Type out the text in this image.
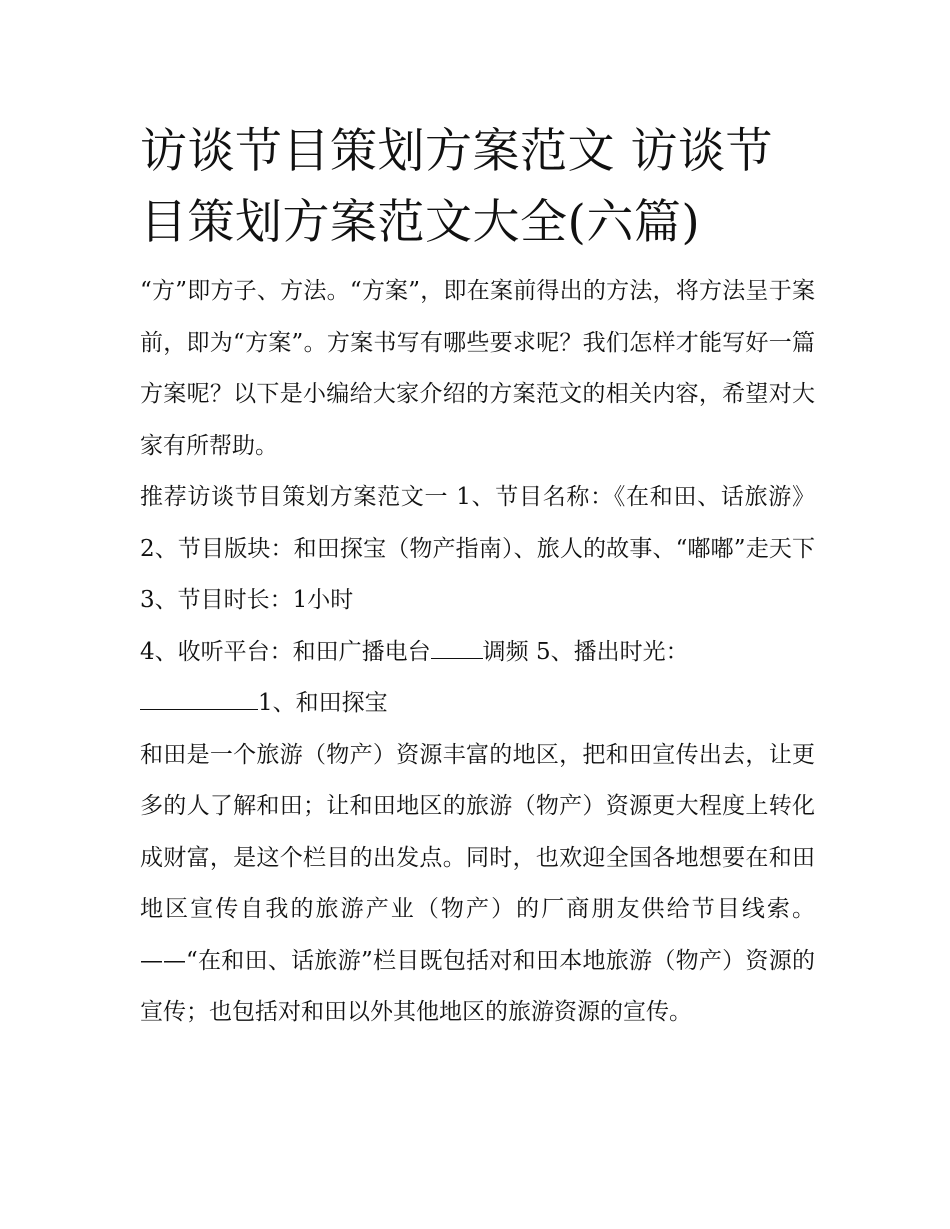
访谈节目策划方案范文 访谈节目策划方案范文大全(六篇)

“方”即方子、方法。“方案”，即在案前得出的方法，将方法呈于案前，即为“方案”。方案书写有哪些要求呢？我们怎样才能写好一篇方案呢？以下是小编给大家介绍的方案范文的相关内容，希望对大家有所帮助。

推荐访谈节目策划方案范文一 1、节目名称：《在和田、话旅游》 2、节目版块：和田探宝（物产指南）、旅人的故事、“嘟嘟”走天下 3、节目时长：1小时

4、收听平台：和田广播电台 调频 5、播出时光：

1、和田探宝

和田是一个旅游（物产）资源丰富的地区，把和田宣传出去，让更多的人了解和田；让和田地区的旅游（物产）资源更大程度上转化成财富，是这个栏目的出发点。同时，也欢迎全国各地想要在和田地区宣传自我的旅游产业（物产）的厂商朋友供给节目线索。——“在和田、话旅游”栏目既包括对和田本地旅游（物产）资源的宣传；也包括对和田以外其他地区的旅游资源的宣传。
